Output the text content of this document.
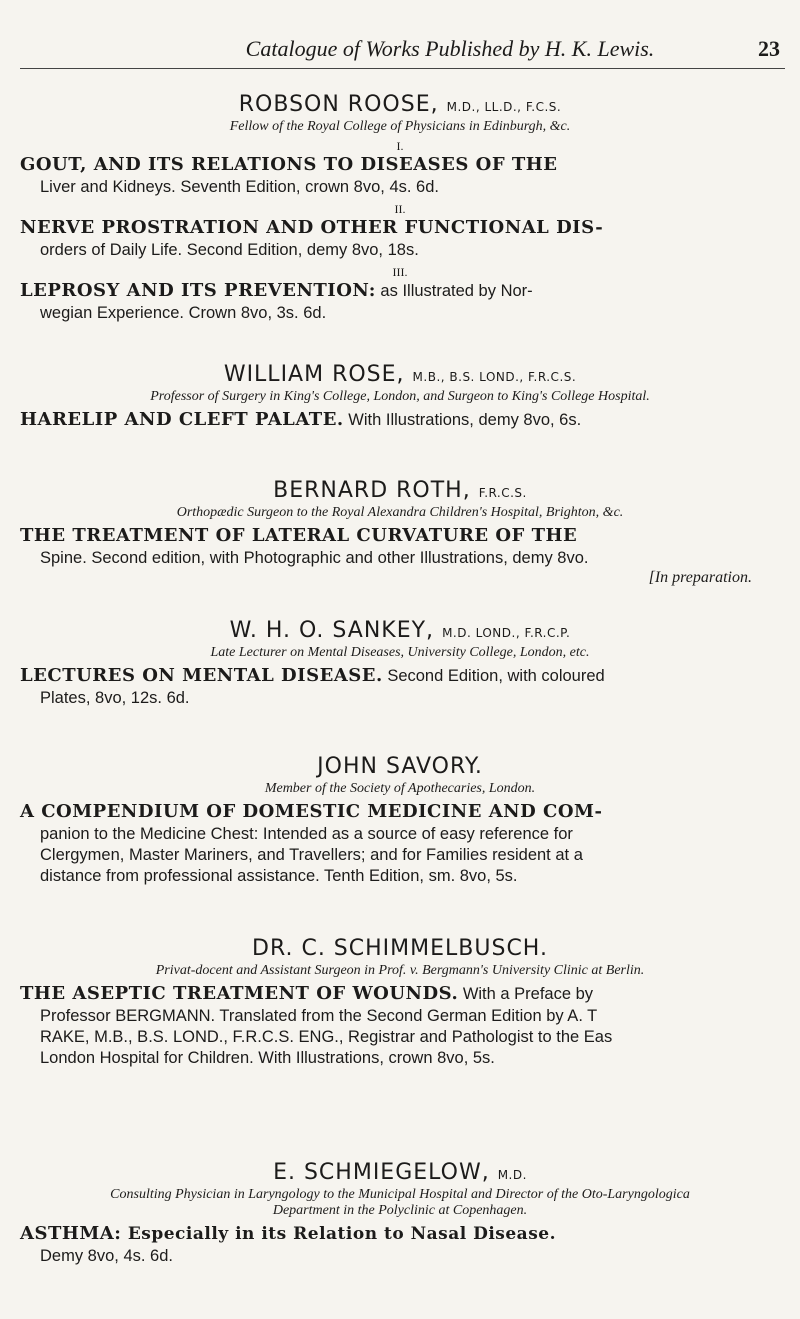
Catalogue of Works Published by H. K. Lewis.	23

ROBSON ROOSE, M.D., LL.D., F.C.S.

Fellow of the Royal College of Physicians in Edinburgh, &c.

I.

GOUT, AND ITS RELATIONS TO DISEASES OF THE
Liver and Kidneys. Seventh Edition, crown 8vo, 4s. 6d.

II.

NERVE PROSTRATION AND OTHER FUNCTIONAL DIS-
orders of Daily Life. Second Edition, demy 8vo, 18s.

III.

LEPROSY AND ITS PREVENTION: as Illustrated by Nor-
wegian Experience. Crown 8vo, 3s. 6d.

WILLIAM ROSE, M.B., B.S. LOND., F.R.C.S.

Professor of Surgery in King's College, London, and Surgeon to King's College Hospital.

HARELIP AND CLEFT PALATE. With Illustrations, demy 8vo, 6s.

BERNARD ROTH, F.R.C.S.

Orthopædic Surgeon to the Royal Alexandra Children's Hospital, Brighton, &c.

THE TREATMENT OF LATERAL CURVATURE OF THE
Spine. Second edition, with Photographic and other Illustrations, demy 8vo.
[In preparation.

W. H. O. SANKEY, M.D. LOND., F.R.C.P.

Late Lecturer on Mental Diseases, University College, London, etc.

LECTURES ON MENTAL DISEASE. Second Edition, with coloured
Plates, 8vo, 12s. 6d.

JOHN SAVORY.

Member of the Society of Apothecaries, London.

A COMPENDIUM OF DOMESTIC MEDICINE AND COM-
panion to the Medicine Chest: Intended as a source of easy reference for
Clergymen, Master Mariners, and Travellers; and for Families resident at a
distance from professional assistance. Tenth Edition, sm. 8vo, 5s.

DR. C. SCHIMMELBUSCH.

Privat-docent and Assistant Surgeon in Prof. v. Bergmann's University Clinic at Berlin.

THE ASEPTIC TREATMENT OF WOUNDS. With a Preface by
Professor BERGMANN. Translated from the Second German Edition by A. T
RAKE, M.B., B.S. LOND., F.R.C.S. ENG., Registrar and Pathologist to the Eas
London Hospital for Children. With Illustrations, crown 8vo, 5s.

E. SCHMIEGELOW, M.D.

Consulting Physician in Laryngology to the Municipal Hospital and Director of the Oto-Laryngologica

Department in the Polyclinic at Copenhagen.

ASTHMA: Especially in its Relation to Nasal Disease.
Demy 8vo, 4s. 6d.
